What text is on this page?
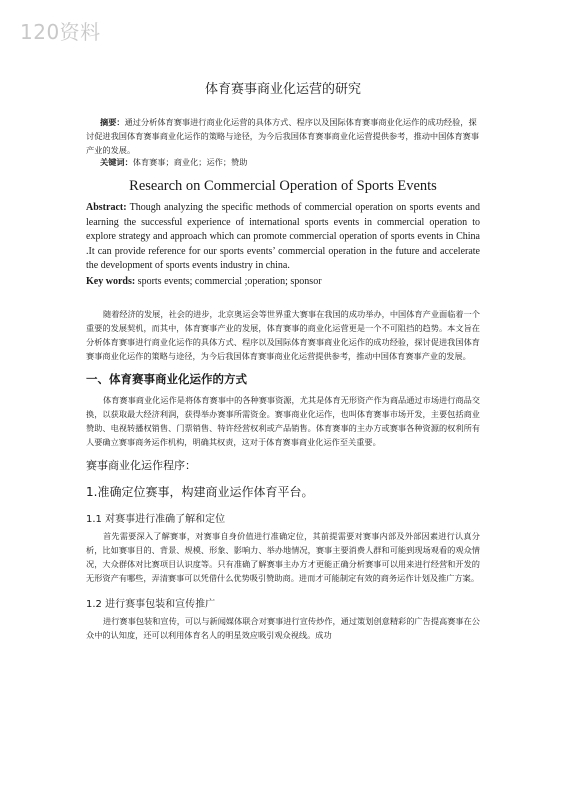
120资料
体育赛事商业化运营的研究

摘要：通过分析体育赛事进行商业化运营的具体方式、程序以及国际体育赛事商业化运作的成功经验，探讨促进我国体育赛事商业化运作的策略与途径，为今后我国体育赛事商业化运营提供参考，推动中国体育赛事产业的发展。

关键词：体育赛事；商业化；运作；赞助

Research on Commercial Operation of Sports Events

Abstract: Though analyzing the specific methods of commercial operation on sports events and learning the successful experience of international sports events in commercial operation to explore strategy and approach which can promote commercial operation of sports events in China .It can provide reference for our sports events’ commercial operation in the future and accelerate the development of sports events industry in china.

Key words: sports events; commercial ;operation; sponsor

随着经济的发展，社会的进步，北京奥运会等世界重大赛事在我国的成功举办，中国体育产业面临着一个重要的发展契机，而其中，体育赛事产业的发展，体育赛事的商业化运营更是一个不可阻挡的趋势。本文旨在分析体育赛事进行商业化运作的具体方式、程序以及国际体育赛事商业化运作的成功经验，探讨促进我国体育赛事商业化运作的策略与途径，为今后我国体育赛事商业化运营提供参考，推动中国体育赛事产业的发展。

一、体育赛事商业化运作的方式

体育赛事商业化运作是将体育赛事中的各种赛事资源，尤其是体育无形资产作为商品通过市场进行商品交换，以获取最大经济利润，获得举办赛事所需资金。赛事商业化运作，也叫体育赛事市场开发，主要包括商业赞助、电视转播权销售、门票销售、特许经营权利或产品销售。体育赛事的主办方或赛事各种资源的权利所有人要确立赛事商务运作机构，明确其权责，这对于体育赛事商业化运作至关重要。

赛事商业化运作程序：
1.准确定位赛事，构建商业运作体育平台。
1.1 对赛事进行准确了解和定位

首先需要深入了解赛事，对赛事自身价值进行准确定位，其前提需要对赛事内部及外部因素进行认真分析，比如赛事目的、背景、规模、形象、影响力、举办地情况，赛事主要消费人群和可能到现场观看的观众情况，大众群体对比赛项目认识度等。只有准确了解赛事主办方才更能正确分析赛事可以用来进行经营和开发的无形资产有哪些，弄清赛事可以凭借什么优势吸引赞助商。进而才可能制定有效的商务运作计划及推广方案。

1.2 进行赛事包装和宣传推广

进行赛事包装和宣传，可以与新闻媒体联合对赛事进行宣传炒作，通过策划创意精彩的广告提高赛事在公众中的认知度，还可以利用体育名人的明星效应吸引观众视线。成功
